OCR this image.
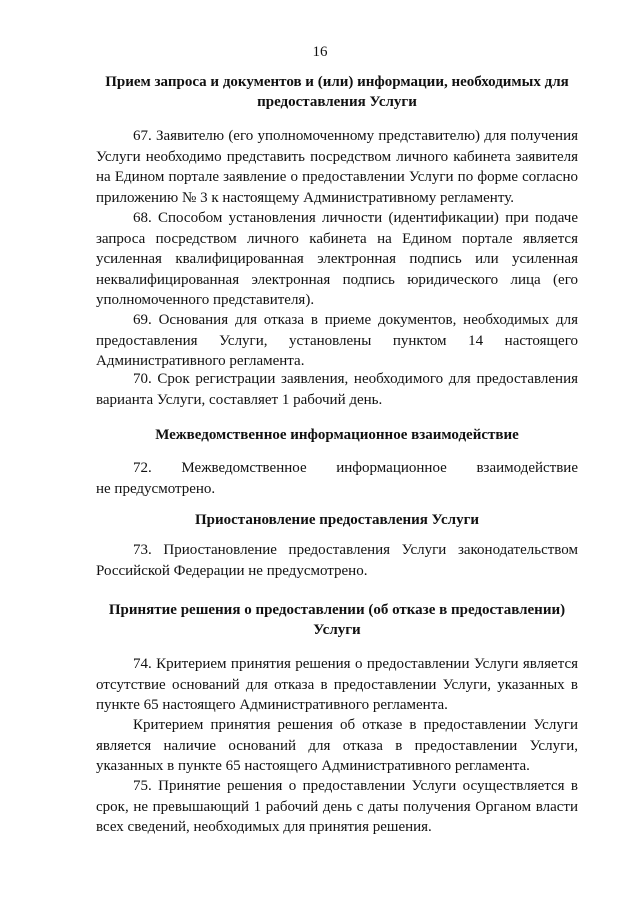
16
Прием запроса и документов и (или) информации, необходимых для предоставления Услуги
67. Заявителю (его уполномоченному представителю) для получения Услуги необходимо представить посредством личного кабинета заявителя на Едином портале заявление о предоставлении Услуги по форме согласно приложению № 3 к настоящему Административному регламенту.
68. Способом установления личности (идентификации) при подаче запроса посредством личного кабинета на Едином портале является усиленная квалифицированная электронная подпись или усиленная неквалифицированная электронная подпись юридического лица (его уполномоченного представителя).
69. Основания для отказа в приеме документов, необходимых для предоставления Услуги, установлены пунктом 14 настоящего Административного регламента.
70. Срок регистрации заявления, необходимого для предоставления варианта Услуги, составляет 1 рабочий день.
Межведомственное информационное взаимодействие
72. Межведомственное информационное взаимодействие
не предусмотрено.
Приостановление предоставления Услуги
73. Приостановление предоставления Услуги законодательством Российской Федерации не предусмотрено.
Принятие решения о предоставлении (об отказе в предоставлении) Услуги
74. Критерием принятия решения о предоставлении Услуги является отсутствие оснований для отказа в предоставлении Услуги, указанных в пункте 65 настоящего Административного регламента.
Критерием принятия решения об отказе в предоставлении Услуги является наличие оснований для отказа в предоставлении Услуги, указанных в пункте 65 настоящего Административного регламента.
75. Принятие решения о предоставлении Услуги осуществляется в срок, не превышающий 1 рабочий день с даты получения Органом власти всех сведений, необходимых для принятия решения.
